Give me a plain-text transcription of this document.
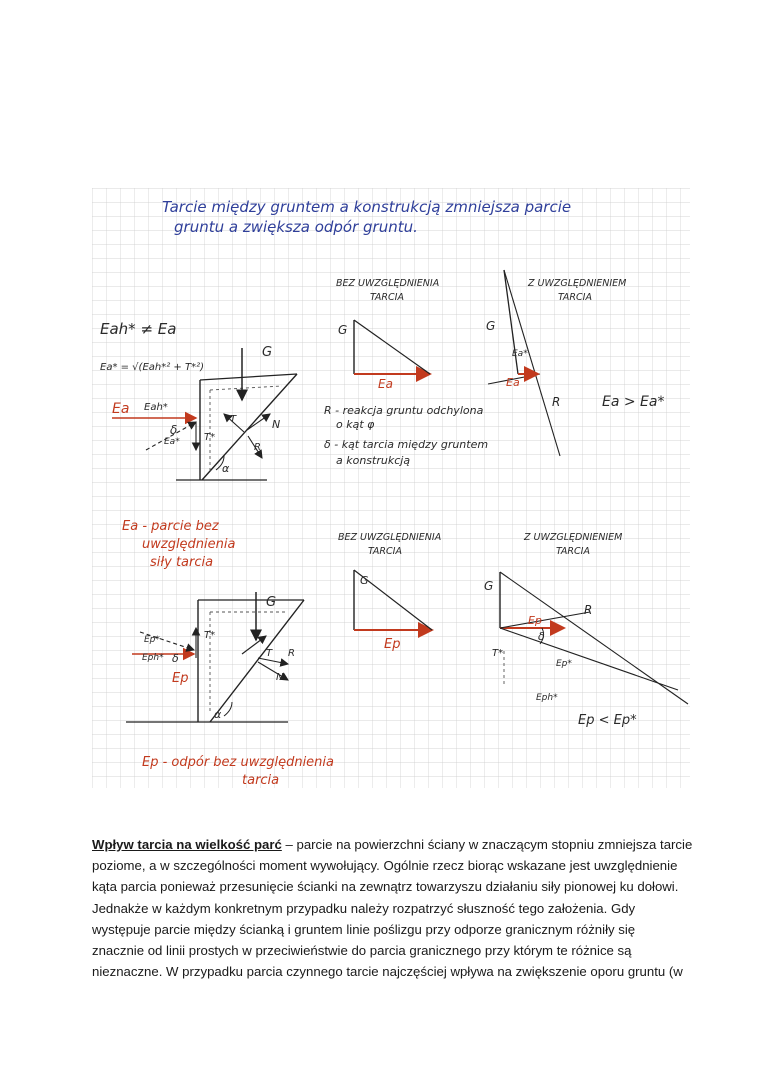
Tarcie między gruntem a konstrukcją zmniejsza parcie
gruntu a zwiększa odpór gruntu.
BEZ UWZGLĘDNIENIA
TARCIA
Z UWZGLĘDNIENIEM
TARCIA
Eah* ≠ Ea
Ea* = √(Eah*² + T*²)
G
Ea Eah*
Ea*
δ
T*
T	N
R
α
G
Ea
G
Ea*
Ea
R	Ea > Ea*
R - reakcja gruntu odchylona
o kąt φ
δ - kąt tarcia między gruntem
a konstrukcją
Ea - parcie bez
uwzględnienia
siły tarcia
BEZ UWZGLĘDNIENIA
TARCIA
Z UWZGLĘDNIENIEM
TARCIA
G
Ep*
Eph* δ
Ep
T*
T R
N
α
G
Ep
G
Ep
δ
R
Ep*
T*
Eph*
Ep < Ep*
Ep - odpór bez uwzględnienia
tarcia
Wpływ tarcia na wielkość parć – parcie na powierzchni ściany w znaczącym stopniu zmniejsza tarcie
poziome, a w szczególności moment wywołujący. Ogólnie rzecz biorąc wskazane jest uwzględnienie
kąta parcia ponieważ przesunięcie ścianki na zewnątrz towarzyszu działaniu siły pionowej ku dołowi.
Jednakże w każdym konkretnym przypadku należy rozpatrzyć słuszność tego założenia. Gdy
występuje parcie między ścianką i gruntem linie poślizgu przy odporze granicznym różniły się
znacznie od linii prostych w przeciwieństwie do parcia granicznego przy którym te różnice są
nieznaczne. W przypadku parcia czynnego tarcie najczęściej wpływa na zwiększenie oporu gruntu (w
